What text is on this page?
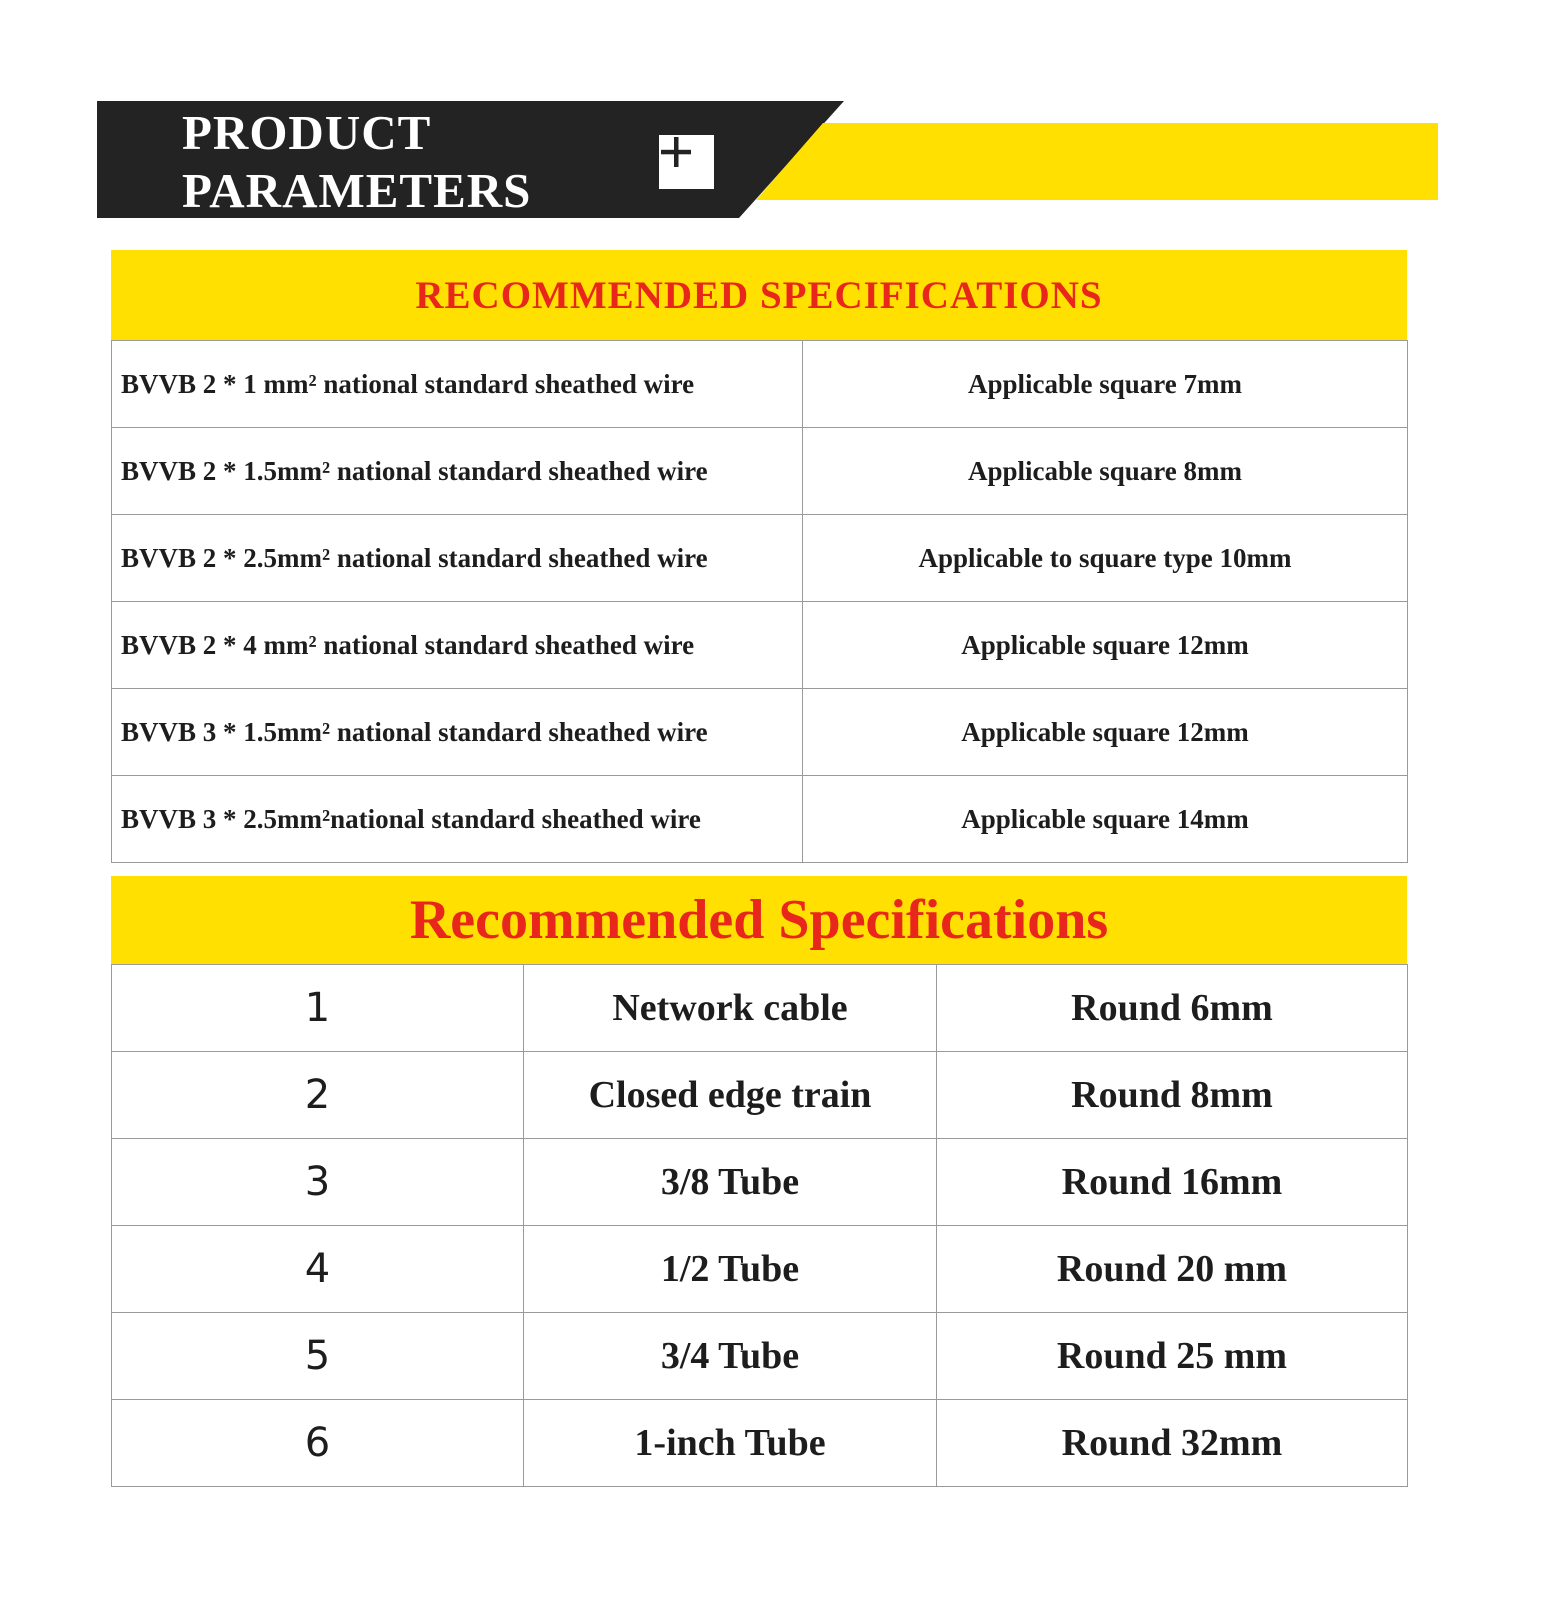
PRODUCT
PARAMETERS
RECOMMENDED SPECIFICATIONS
BVVB 2 * 1 mm² national standard sheathed wire	Applicable square 7mm
BVVB 2 * 1.5mm² national standard sheathed wire	Applicable square 8mm
BVVB 2 * 2.5mm² national standard sheathed wire	Applicable to square type 10mm
BVVB 2 * 4 mm² national standard sheathed wire	Applicable square 12mm
BVVB 3 * 1.5mm² national standard sheathed wire	Applicable square 12mm
BVVB 3 * 2.5mm²national standard sheathed wire	Applicable square 14mm
Recommended Specifications
1	Network cable	Round 6mm
2	Closed edge train	Round 8mm
3	3/8 Tube	Round 16mm
4	1/2 Tube	Round 20 mm
5	3/4 Tube	Round 25 mm
6	1-inch Tube	Round 32mm
